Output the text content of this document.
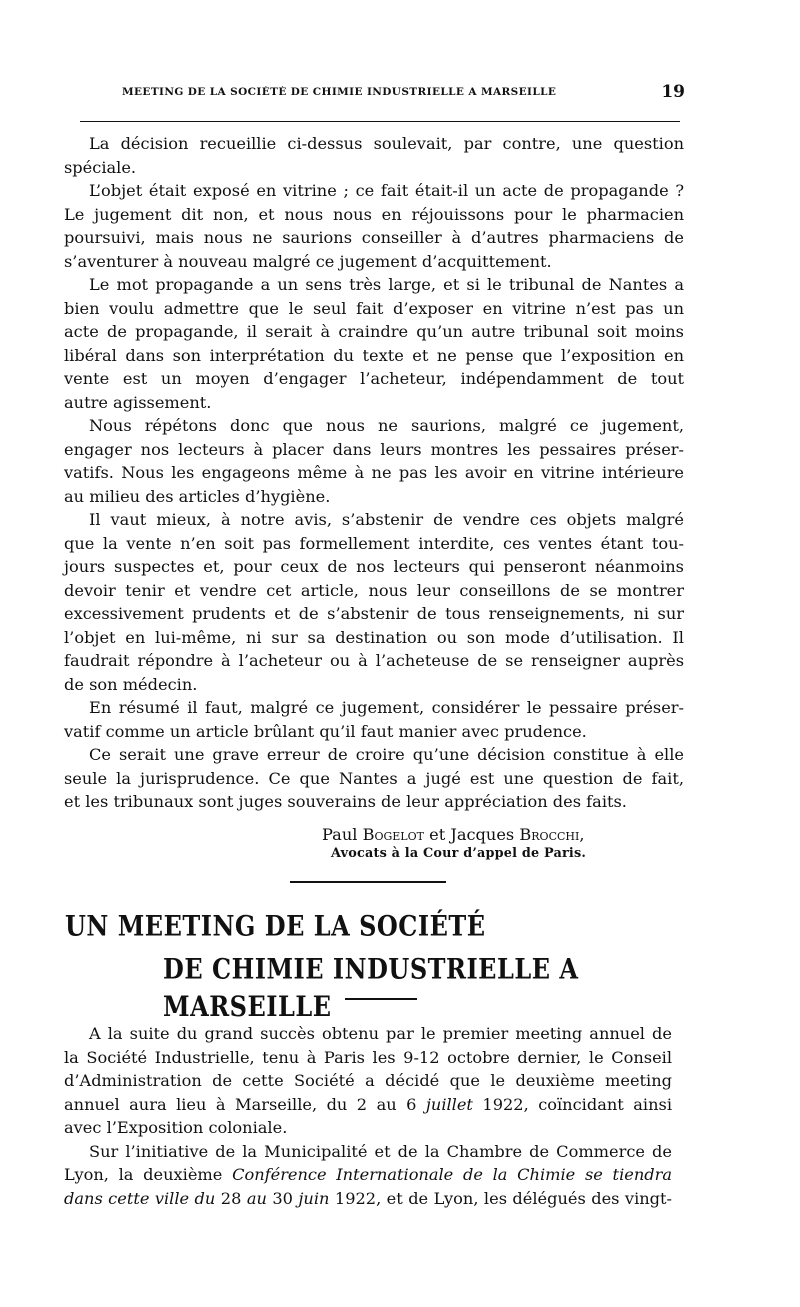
MEETING DE LA SOCIÉTÉ DE CHIMIE INDUSTRIELLE A MARSEILLE	19
La décision recueillie ci-dessus soulevait, par contre, une question
spéciale.
L’objet était exposé en vitrine ; ce fait était-il un acte de propagande ?
Le jugement dit non, et nous nous en réjouissons pour le pharmacien
poursuivi, mais nous ne saurions conseiller à d’autres pharmaciens de
s’aventurer à nouveau malgré ce jugement d’acquittement.
Le mot propagande a un sens très large, et si le tribunal de Nantes a
bien voulu admettre que le seul fait d’exposer en vitrine n’est pas un
acte de propagande, il serait à craindre qu’un autre tribunal soit moins
libéral dans son interprétation du texte et ne pense que l’exposition en
vente est un moyen d’engager l’acheteur, indépendamment de tout
autre agissement.
Nous répétons donc que nous ne saurions, malgré ce jugement,
engager nos lecteurs à placer dans leurs montres les pessaires préser-
vatifs. Nous les engageons même à ne pas les avoir en vitrine intérieure
au milieu des articles d’hygiène.
Il vaut mieux, à notre avis, s’abstenir de vendre ces objets malgré
que la vente n’en soit pas formellement interdite, ces ventes étant tou-
jours suspectes et, pour ceux de nos lecteurs qui penseront néanmoins
devoir tenir et vendre cet article, nous leur conseillons de se montrer
excessivement prudents et de s’abstenir de tous renseignements, ni sur
l’objet en lui-même, ni sur sa destination ou son mode d’utilisation. Il
faudrait répondre à l’acheteur ou à l’acheteuse de se renseigner auprès
de son médecin.
En résumé il faut, malgré ce jugement, considérer le pessaire préser-
vatif comme un article brûlant qu’il faut manier avec prudence.
Ce serait une grave erreur de croire qu’une décision constitue à elle
seule la jurisprudence. Ce que Nantes a jugé est une question de fait,
et les tribunaux sont juges souverains de leur appréciation des faits.
Paul Bogelot et Jacques Brocchi,
Avocats à la Cour d’appel de Paris.
UN MEETING DE LA SOCIÉTÉ
DE CHIMIE INDUSTRIELLE A MARSEILLE
A la suite du grand succès obtenu par le premier meeting annuel de
la Société Industrielle, tenu à Paris les 9-12 octobre dernier, le Conseil
d’Administration de cette Société a décidé que le deuxième meeting
annuel aura lieu à Marseille, du 2 au 6 juillet 1922, coïncidant ainsi
avec l’Exposition coloniale.
Sur l’initiative de la Municipalité et de la Chambre de Commerce de
Lyon, la deuxième Conférence Internationale de la Chimie se tiendra
dans cette ville du 28 au 30 juin 1922, et de Lyon, les délégués des vingt-
